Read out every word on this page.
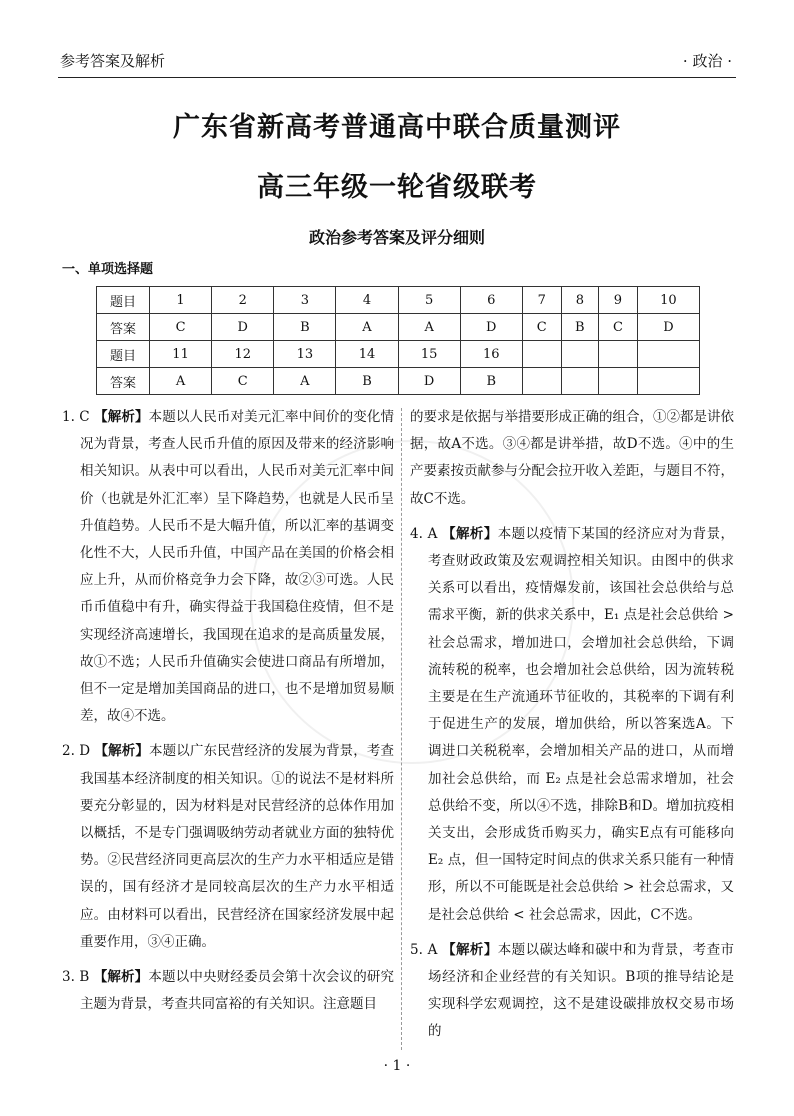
参考答案及解析	· 政治 ·
广东省新高考普通高中联合质量测评
高三年级一轮省级联考
政治参考答案及评分细则
一、单项选择题
题目	1	2	3	4	5	6	7	8	9	10
答案	C	D	B	A	A	D	C	B	C	D
题目	11	12	13	14	15	16				
答案	A	C	A	B	D	B				

1. C 【解析】本题以人民币对美元汇率中间价的变化情况为背景，考查人民币升值的原因及带来的经济影响相关知识。从表中可以看出，人民币对美元汇率中间价（也就是外汇汇率）呈下降趋势，也就是人民币呈升值趋势。人民币不是大幅升值，所以汇率的基调变化性不大，人民币升值，中国产品在美国的价格会相应上升，从而价格竞争力会下降，故②③可选。人民币币值稳中有升，确实得益于我国稳住疫情，但不是实现经济高速增长，我国现在追求的是高质量发展，故①不选；人民币升值确实会使进口商品有所增加，但不一定是增加美国商品的进口，也不是增加贸易顺差，故④不选。

2. D 【解析】本题以广东民营经济的发展为背景，考查我国基本经济制度的相关知识。①的说法不是材料所要充分彰显的，因为材料是对民营经济的总体作用加以概括，不是专门强调吸纳劳动者就业方面的独特优势。②民营经济同更高层次的生产力水平相适应是错误的，国有经济才是同较高层次的生产力水平相适应。由材料可以看出，民营经济在国家经济发展中起重要作用，③④正确。

3. B 【解析】本题以中央财经委员会第十次会议的研究主题为背景，考查共同富裕的有关知识。注意题目

的要求是依据与举措要形成正确的组合，①②都是讲依据，故A不选。③④都是讲举措，故D不选。④中的生产要素按贡献参与分配会拉开收入差距，与题目不符，故C不选。

4. A 【解析】本题以疫情下某国的经济应对为背景，考查财政政策及宏观调控相关知识。由图中的供求关系可以看出，疫情爆发前，该国社会总供给与总需求平衡，新的供求关系中，E₁ 点是社会总供给 > 社会总需求，增加进口，会增加社会总供给，下调流转税的税率，也会增加社会总供给，因为流转税主要是在生产流通环节征收的，其税率的下调有利于促进生产的发展，增加供给，所以答案选A。下调进口关税税率，会增加相关产品的进口，从而增加社会总供给，而 E₂ 点是社会总需求增加，社会总供给不变，所以④不选，排除B和D。增加抗疫相关支出，会形成货币购买力，确实E点有可能移向 E₂ 点，但一国特定时间点的供求关系只能有一种情形，所以不可能既是社会总供给 > 社会总需求，又是社会总供给 < 社会总需求，因此，C不选。

5. A 【解析】本题以碳达峰和碳中和为背景，考查市场经济和企业经营的有关知识。B项的推导结论是实现科学宏观调控，这不是建设碳排放权交易市场的

· 1 ·
